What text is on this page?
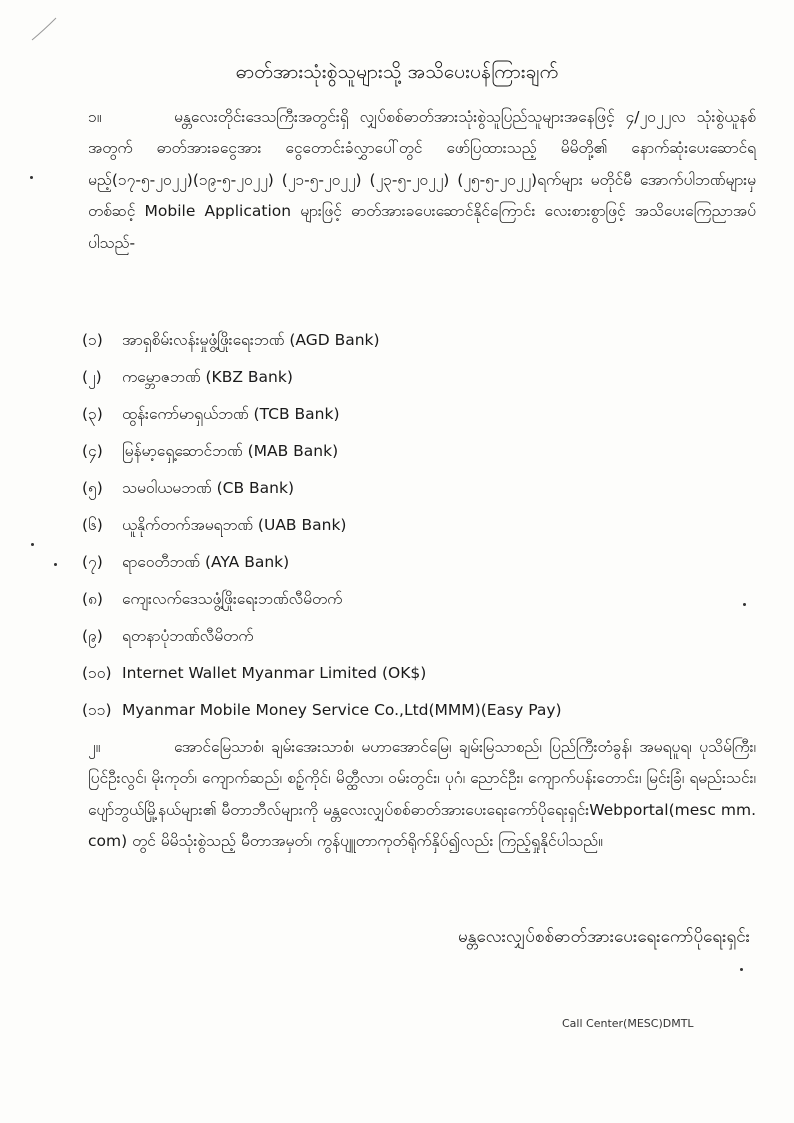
ဓာတ်အားသုံးစွဲသူများသို့ အသိပေးပန်ကြားချက်
၁။	မန္တလေးတိုင်းဒေသကြီးအတွင်းရှိ လျှပ်စစ်ဓာတ်အားသုံးစွဲသူပြည်သူများအနေဖြင့် ၄/၂၀၂၂လ သုံးစွဲယူနစ်အတွက် ဓာတ်အားခငွေအား ငွေတောင်းခံလွှာပေါ်တွင် ဖော်ပြထားသည့် မိမိတို့၏ နောက်ဆုံးပေးဆောင်ရမည့်(၁၇-၅-၂၀၂၂)(၁၉-၅-၂၀၂၂) (၂၁-၅-၂၀၂၂) (၂၃-၅-၂၀၂၂) (၂၅-၅-၂၀၂၂)ရက်များ မတိုင်မီ အောက်ပါဘဏ်များမှတစ်ဆင့် Mobile Application များဖြင့် ဓာတ်အားခပေးဆောင်နိုင်ကြောင်း လေးစားစွာဖြင့် အသိပေးကြေညာအပ်ပါသည်-
(၁) အာရှစိမ်းလန်းမှုဖွံ့ဖြိုးရေးဘဏ် (AGD Bank)
(၂) ကမ္ဘောဇဘဏ် (KBZ Bank)
(၃) ထွန်းကော်မာရှယ်ဘဏ် (TCB Bank)
(၄) မြန်မာ့ရှေ့ဆောင်ဘဏ် (MAB Bank)
(၅) သမဝါယမဘဏ် (CB Bank)
(၆) ယူနိုက်တက်အမရဘဏ် (UAB Bank)
(၇) ရာဝေတီဘဏ် (AYA Bank)
(၈) ကျေးလက်ဒေသဖွံ့ဖြိုးရေးဘဏ်လီမိတက်
(၉) ရတနာပုံဘဏ်လီမိတက်
(၁၀) Internet Wallet Myanmar Limited (OK$)
(၁၁) Myanmar Mobile Money Service Co.,Ltd(MMM)(Easy Pay)
၂။	အောင်မြေသာစံ၊ ချမ်းအေးသာစံ၊ မဟာအောင်မြေ၊ ချမ်းမြသာစည်၊ ပြည်ကြီးတံခွန်၊ အမရပူရ၊ ပုသိမ်ကြီး၊ ပြင်ဦးလွင်၊ မိုးကုတ်၊ ကျောက်ဆည်၊ စဉ့်ကိုင်၊ မိတ္ထီလာ၊ ဝမ်းတွင်း၊ ပုဂံ၊ ညောင်ဦး၊ ကျောက်ပန်းတောင်း၊ မြင်းခြံ၊ ရမည်းသင်း၊ ပျော်ဘွယ်မြို့နယ်များ၏ မီတာဘီလ်များကို မန္တလေးလျှပ်စစ်ဓာတ်အားပေးရေးကော်ပိုရေးရှင်းWebportal(mesc mm. com) တွင် မိမိသုံးစွဲသည့် မီတာအမှတ်၊ ကွန်ပျူတာကုတ်ရိုက်နှိပ်၍လည်း ကြည့်ရှုနိုင်ပါသည်။
မန္တလေးလျှပ်စစ်ဓာတ်အားပေးရေးကော်ပိုရေးရှင်း
Call Center(MESC)DMTL
